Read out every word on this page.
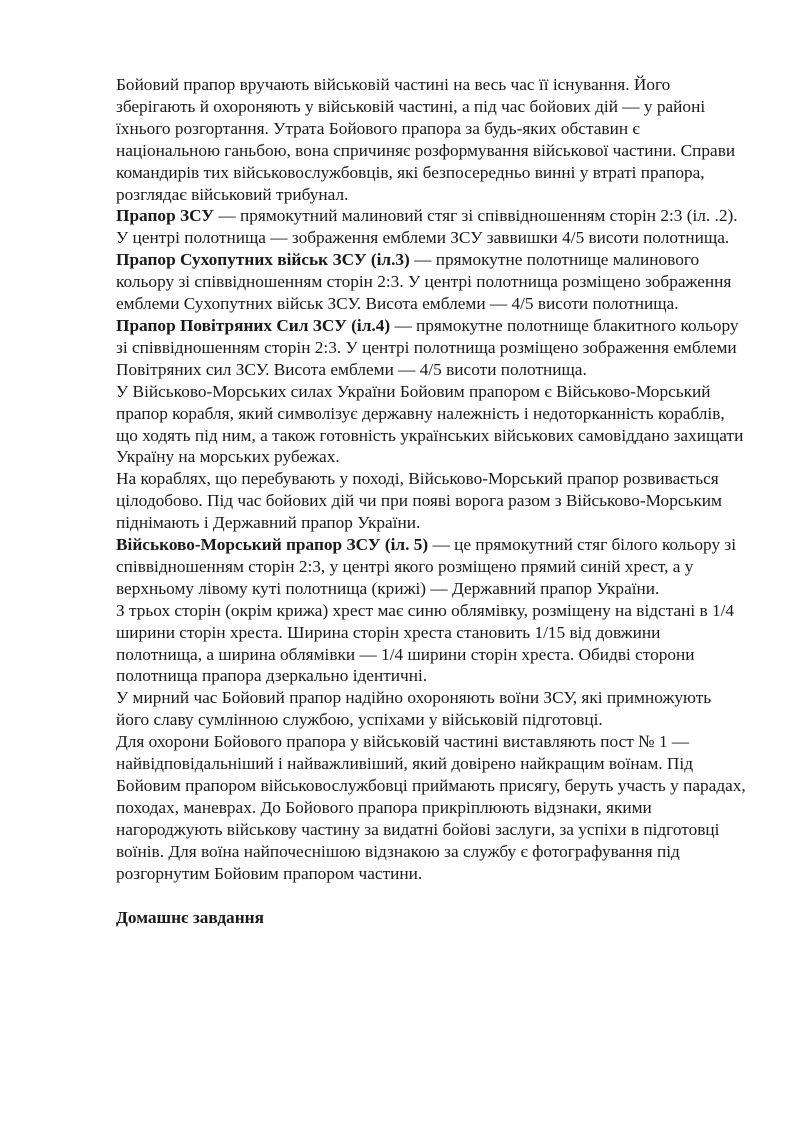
Бойовий прапор вручають військовій частині на весь час її існування. Його зберігають й охороняють у військовій частині, а під час бойових дій — у районі їхнього розгортання. Утрата Бойового прапора за будь-яких обставин є національною ганьбою, вона спричиняє розформування військової частини. Справи командирів тих військовослужбовців, які безпосередньо винні у втраті прапора, розглядає військовий трибунал.

Прапор ЗСУ — прямокутний малиновий стяг зі співвідношенням сторін 2:3 (іл. .2). У центрі полотнища — зображення емблеми ЗСУ заввишки 4/5 висоти полотнища.

Прапор Сухопутних військ ЗСУ (іл.3) — прямокутне полотнище малинового кольору зі співвідношенням сторін 2:3. У центрі полотнища розміщено зображення емблеми Сухопутних військ ЗСУ. Висота емблеми — 4/5 висоти полотнища.

Прапор Повітряних Сил ЗСУ (іл.4) — прямокутне полотнище блакитного кольору зі співвідношенням сторін 2:3. У центрі полотнища розміщено зображення емблеми Повітряних сил ЗСУ. Висота емблеми — 4/5 висоти полотнища.

У Військово-Морських силах України Бойовим прапором є Військово-Морський прапор корабля, який символізує державну належність і недоторканність кораблів, що ходять під ним, а також готовність українських військових самовіддано захищати Україну на морських рубежах.

На кораблях, що перебувають у поході, Військово-Морський прапор розвивається цілодобово. Під час бойових дій чи при появі ворога разом з Військово-Морським піднімають і Державний прапор України.

Військово-Морський прапор ЗСУ (іл. 5) — це прямокутний стяг білого кольору зі співвідношенням сторін 2:3, у центрі якого розміщено прямий синій хрест, а у верхньому лівому куті полотнища (крижі) — Державний прапор України.

З трьох сторін (окрім крижа) хрест має синю облямівку, розміщену на відстані в 1/4 ширини сторін хреста. Ширина сторін хреста становить 1/15 від довжини полотнища, а ширина облямівки — 1/4 ширини сторін хреста. Обидві сторони полотнища прапора дзеркально ідентичні.

У мирний час Бойовий прапор надійно охороняють воїни ЗСУ, які примножують його славу сумлінною службою, успіхами у військовій підготовці.

Для охорони Бойового прапора у військовій частині виставляють пост № 1 — найвідповідальніший і найважливіший, який довірено найкращим воїнам. Під Бойовим прапором військовослужбовці приймають присягу, беруть участь у парадах, походах, маневрах. До Бойового прапора прикріплюють відзнаки, якими нагороджують військову частину за видатні бойові заслуги, за успіхи в підготовці воїнів. Для воїна найпочеснішою відзнакою за службу є фотографування під розгорнутим Бойовим прапором частини.

Домашнє завдання
